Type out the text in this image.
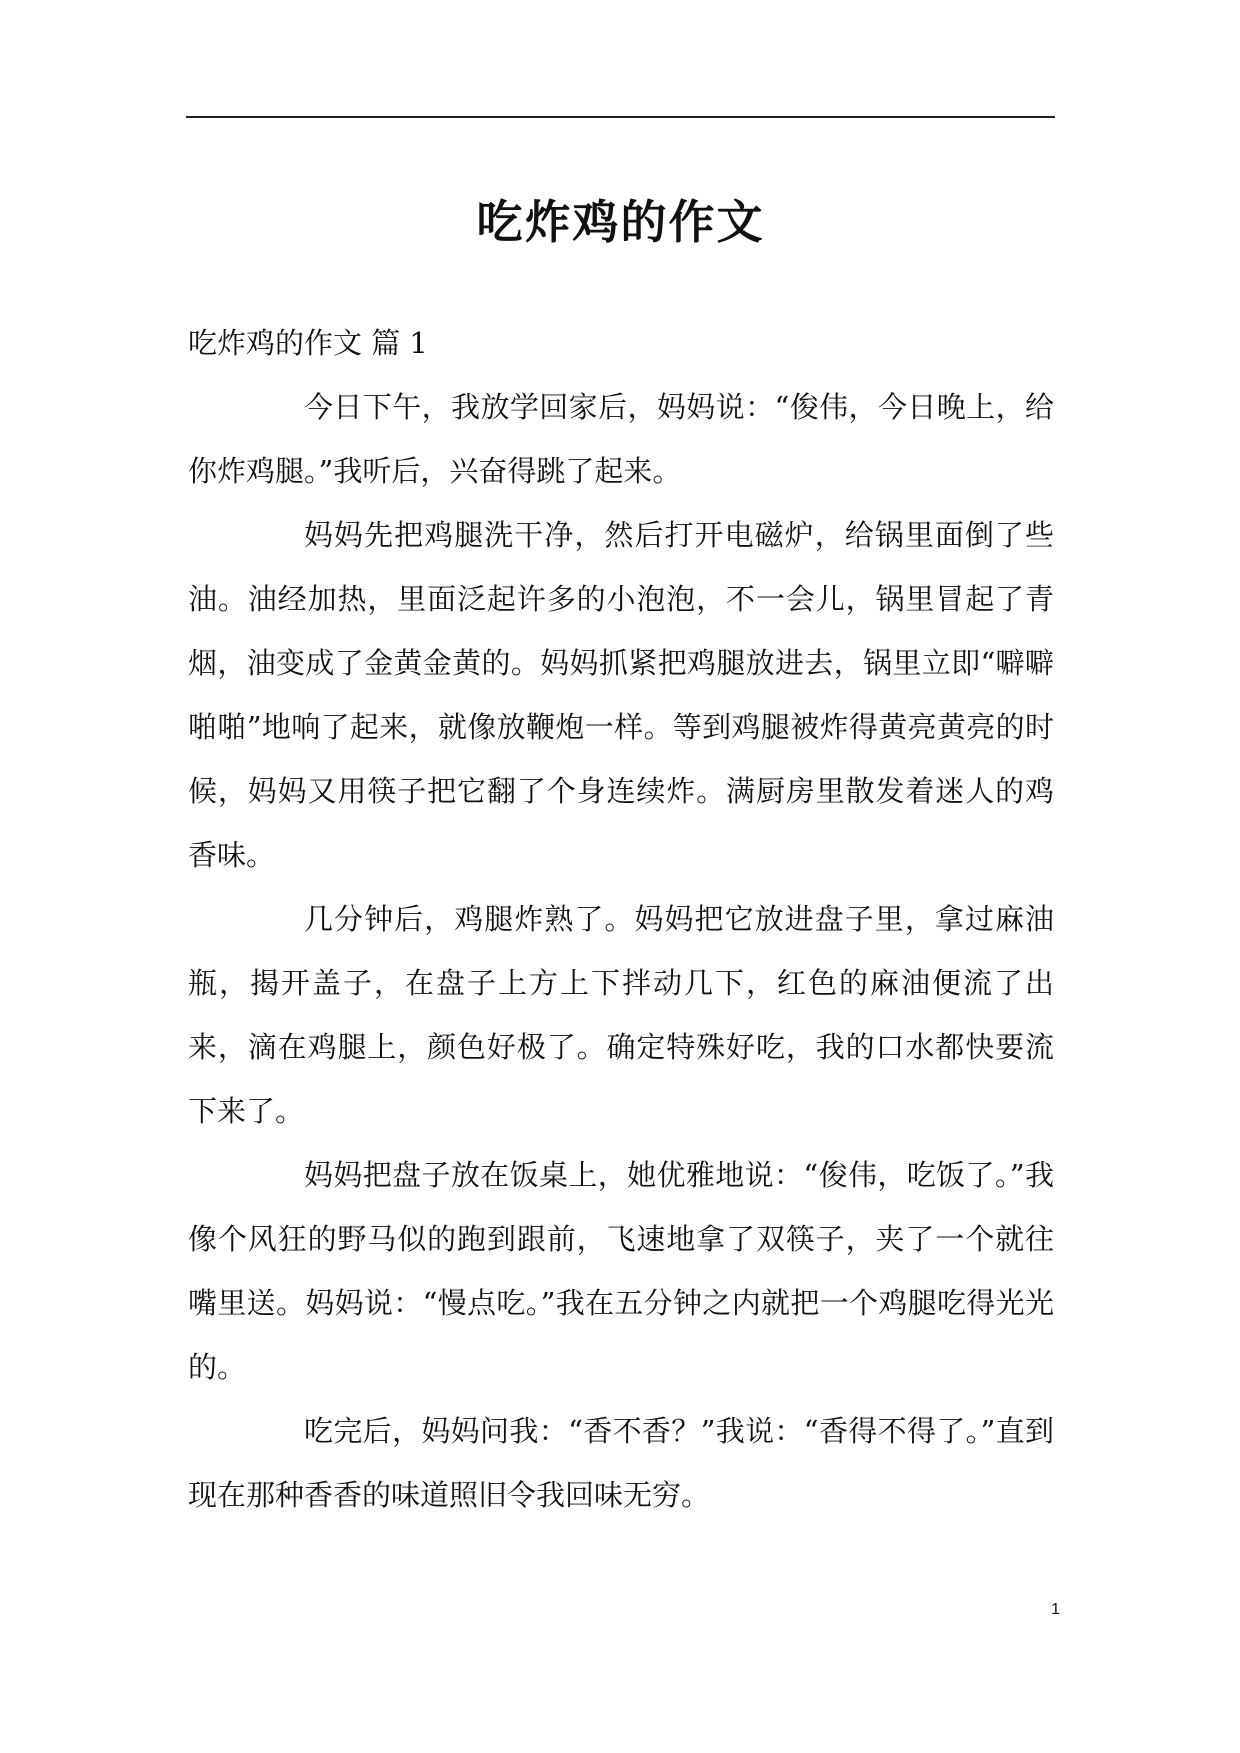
吃炸鸡的作文
吃炸鸡的作文 篇 1

今日下午，我放学回家后，妈妈说：“俊伟，今日晚上，给你炸鸡腿。”我听后，兴奋得跳了起来。

妈妈先把鸡腿洗干净，然后打开电磁炉，给锅里面倒了些油。油经加热，里面泛起许多的小泡泡，不一会儿，锅里冒起了青烟，油变成了金黄金黄的。妈妈抓紧把鸡腿放进去，锅里立即“噼噼啪啪”地响了起来，就像放鞭炮一样。等到鸡腿被炸得黄亮黄亮的时候，妈妈又用筷子把它翻了个身连续炸。满厨房里散发着迷人的鸡香味。

几分钟后，鸡腿炸熟了。妈妈把它放进盘子里，拿过麻油瓶，揭开盖子，在盘子上方上下拌动几下，红色的麻油便流了出来，滴在鸡腿上，颜色好极了。确定特殊好吃，我的口水都快要流下来了。

妈妈把盘子放在饭桌上，她优雅地说：“俊伟，吃饭了。”我像个风狂的野马似的跑到跟前，飞速地拿了双筷子，夹了一个就往嘴里送。妈妈说：“慢点吃。”我在五分钟之内就把一个鸡腿吃得光光的。

吃完后，妈妈问我：“香不香？”我说：“香得不得了。”直到现在那种香香的味道照旧令我回味无穷。

1
